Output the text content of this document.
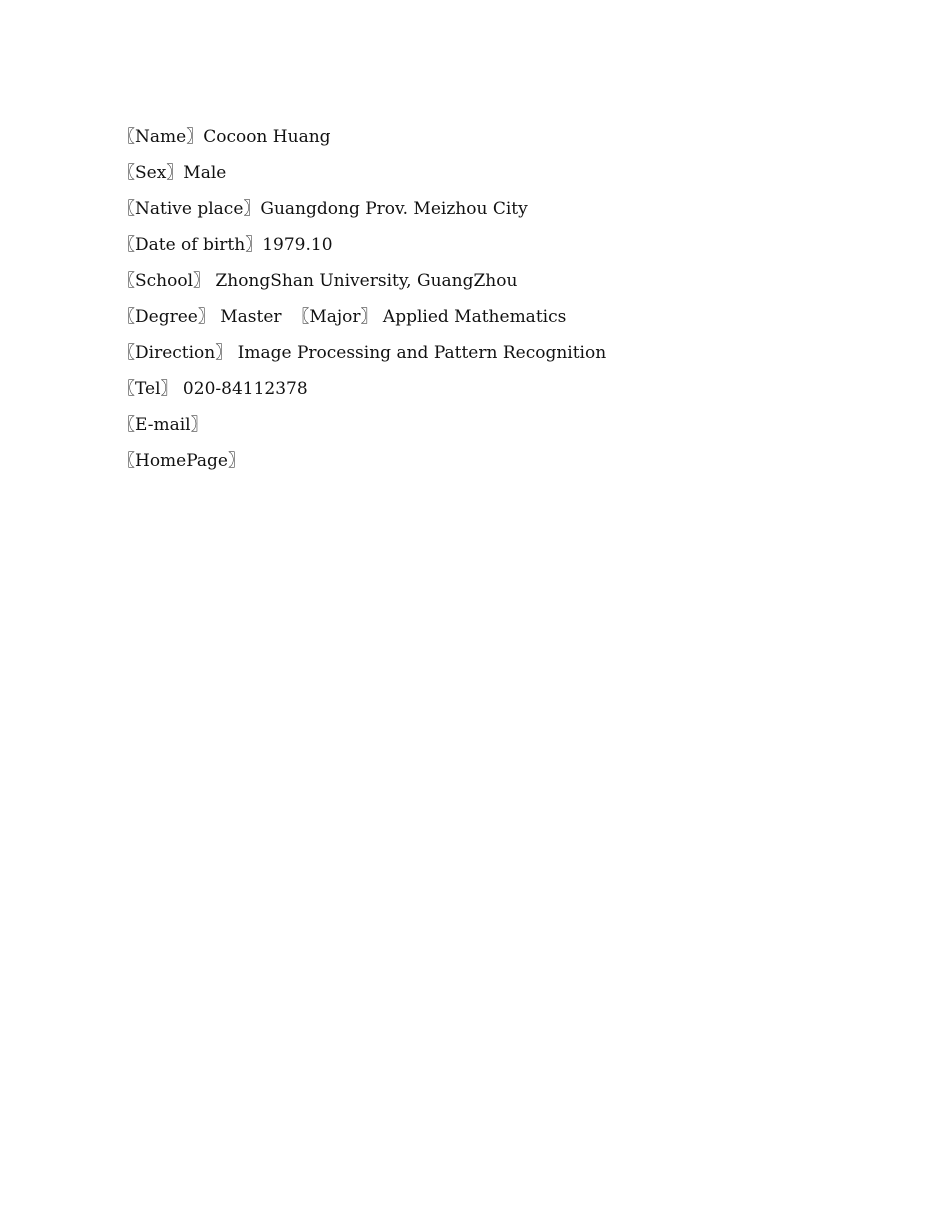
〖Name〗Cocoon Huang
〖Sex〗Male
〖Native place〗Guangdong Prov. Meizhou City
〖Date of birth〗1979.10
〖School〗 ZhongShan University, GuangZhou
〖Degree〗 Master  〖Major〗 Applied Mathematics
〖Direction〗 Image Processing and Pattern Recognition
〖Tel〗 020-84112378
〖E-mail〗
〖HomePage〗
